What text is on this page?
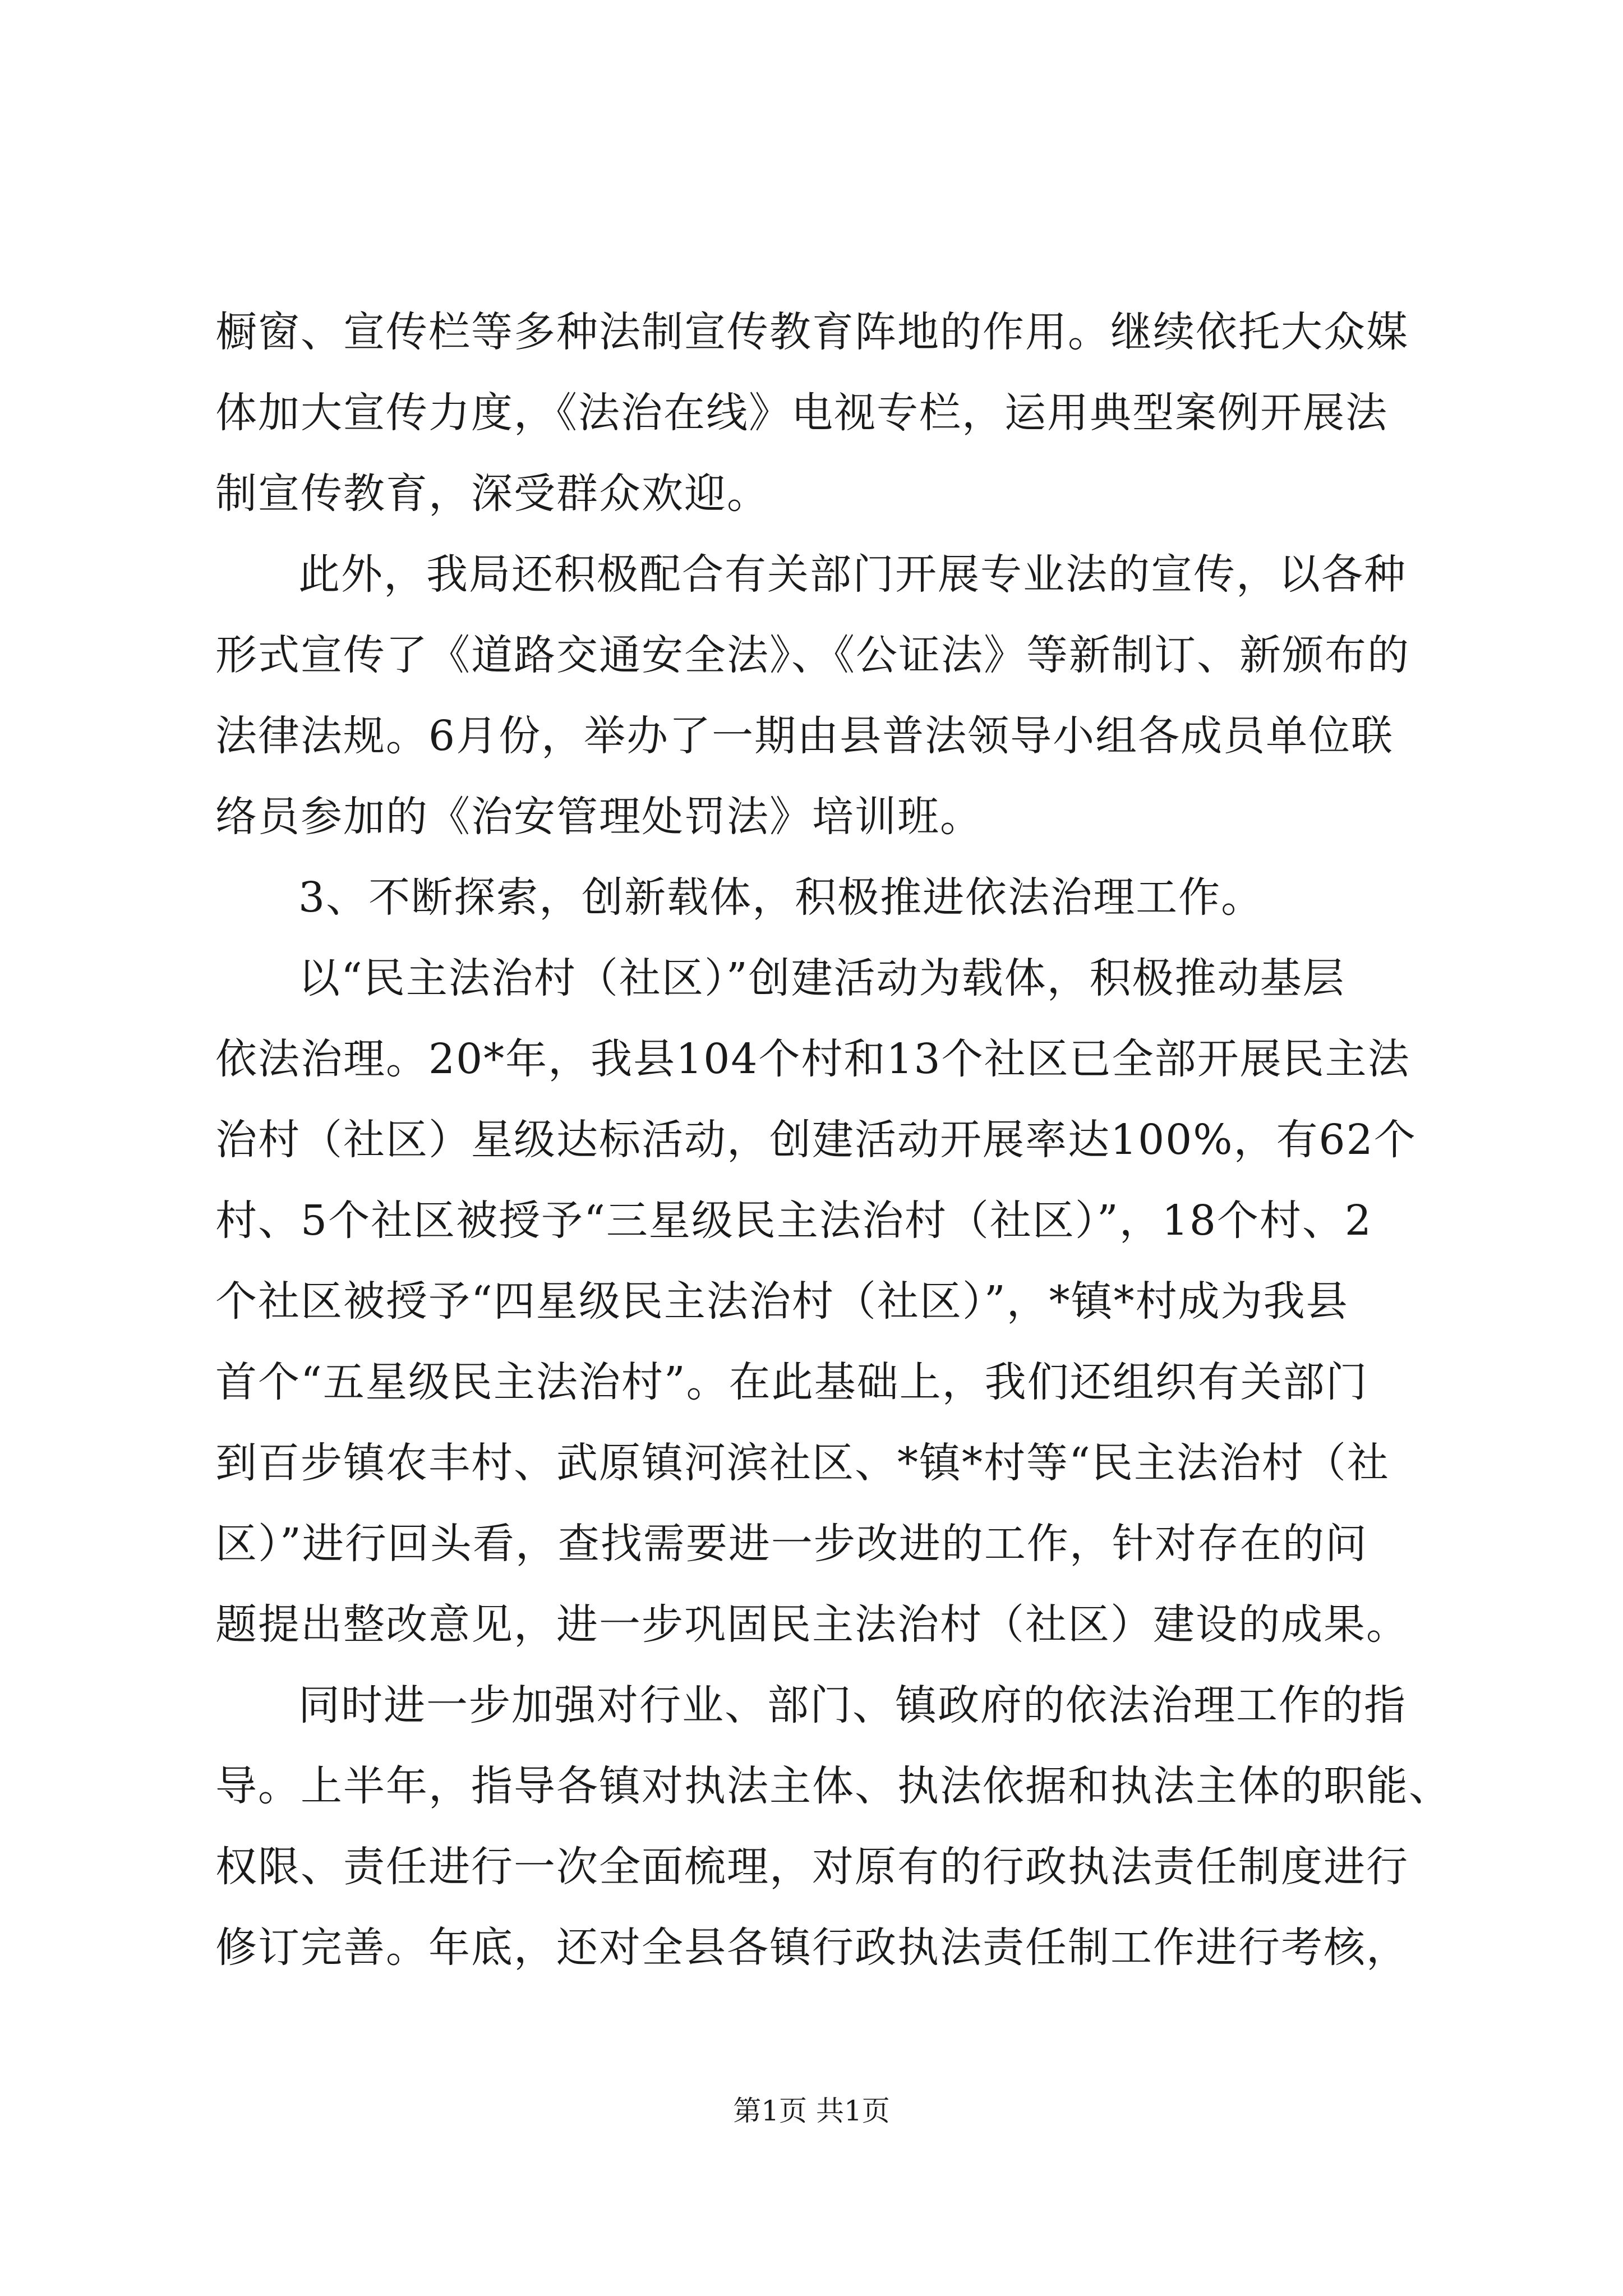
橱窗、宣传栏等多种法制宣传教育阵地的作用。继续依托大众媒
体加大宣传力度，《法治在线》电视专栏，运用典型案例开展法
制宣传教育，深受群众欢迎。
此外，我局还积极配合有关部门开展专业法的宣传，以各种
形式宣传了《道路交通安全法》、《公证法》等新制订、新颁布的
法律法规。6月份，举办了一期由县普法领导小组各成员单位联
络员参加的《治安管理处罚法》培训班。
3、不断探索，创新载体，积极推进依法治理工作。
以“民主法治村（社区）”创建活动为载体，积极推动基层
依法治理。20*年，我县104个村和13个社区已全部开展民主法
治村（社区）星级达标活动，创建活动开展率达100%，有62个
村、5个社区被授予“三星级民主法治村（社区）”，18个村、2
个社区被授予“四星级民主法治村（社区）”，*镇*村成为我县
首个“五星级民主法治村”。在此基础上，我们还组织有关部门
到百步镇农丰村、武原镇河滨社区、*镇*村等“民主法治村（社
区）”进行回头看，查找需要进一步改进的工作，针对存在的问
题提出整改意见，进一步巩固民主法治村（社区）建设的成果。
同时进一步加强对行业、部门、镇政府的依法治理工作的指
导。上半年，指导各镇对执法主体、执法依据和执法主体的职能、
权限、责任进行一次全面梳理，对原有的行政执法责任制度进行
修订完善。年底，还对全县各镇行政执法责任制工作进行考核，
第1页 共1页
